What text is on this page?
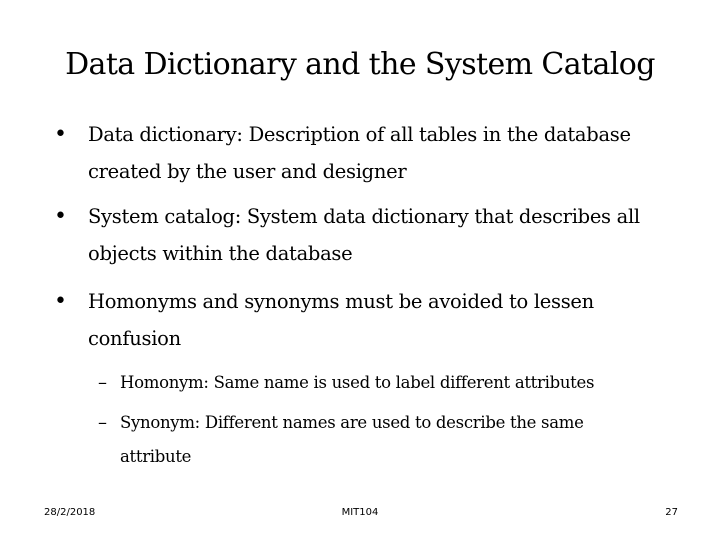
Data Dictionary and the System Catalog
• Data dictionary: Description of all tables in the database created by the user and designer
• System catalog: System data dictionary that describes all objects within the database
• Homonyms and synonyms must be avoided to lessen confusion
– Homonym: Same name is used to label different attributes
– Synonym: Different names are used to describe the same attribute
28/2/2018	MIT104	27
